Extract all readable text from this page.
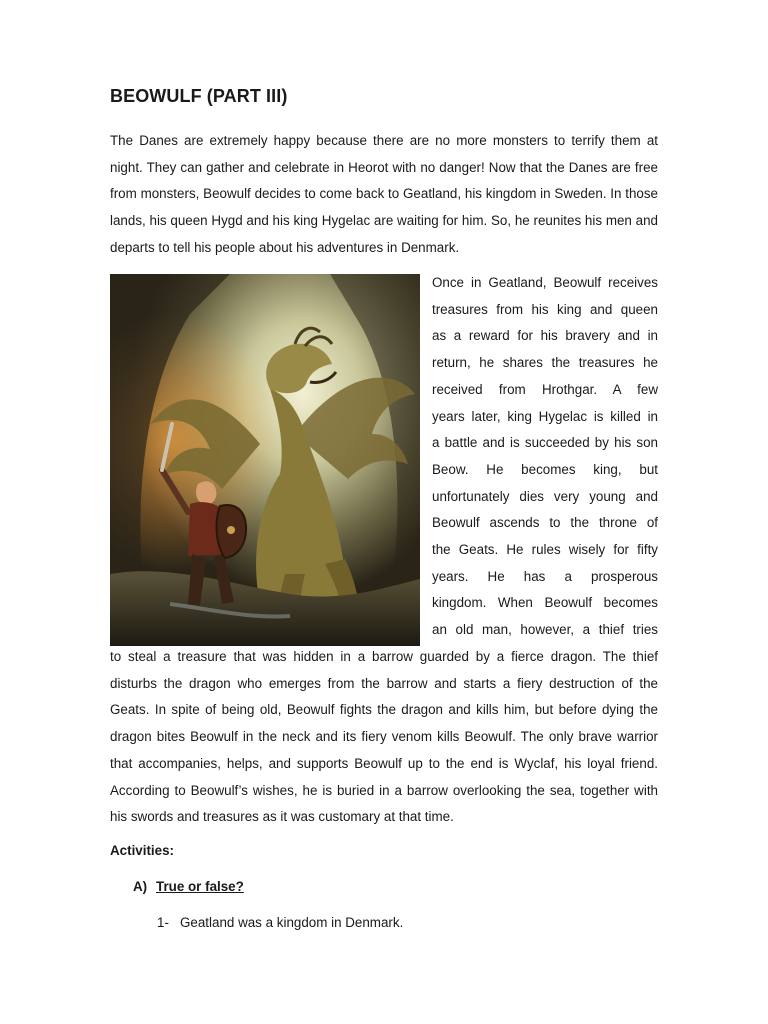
BEOWULF (PART III)

The Danes are extremely happy because there are no more monsters to terrify them at night. They can gather and celebrate in Heorot with no danger! Now that the Danes are free from monsters, Beowulf decides to come back to Geatland, his kingdom in Sweden. In those lands, his queen Hygd and his king Hygelac are waiting for him. So, he reunites his men and departs to tell his people about his adventures in Denmark.

Once in Geatland, Beowulf receives
treasures from his king and queen
as a reward for his bravery and in
return, he shares the treasures he
received from Hrothgar. A few
years later, king Hygelac is killed in
a battle and is succeeded by his son
Beow. He becomes king, but
unfortunately dies very young and
Beowulf ascends to the throne of
the Geats. He rules wisely for fifty
years. He has a prosperous
kingdom. When Beowulf becomes
an old man, however, a thief tries

to steal a treasure that was hidden in a barrow guarded by a fierce dragon. The thief disturbs the dragon who emerges from the barrow and starts a fiery destruction of the Geats. In spite of being old, Beowulf fights the dragon and kills him, but before dying the dragon bites Beowulf in the neck and its fiery venom kills Beowulf. The only brave warrior that accompanies, helps, and supports Beowulf up to the end is Wyclaf, his loyal friend. According to Beowulf’s wishes, he is buried in a barrow overlooking the sea, together with his swords and treasures as it was customary at that time.

Activities:

A) True or false?

1- Geatland was a kingdom in Denmark.
